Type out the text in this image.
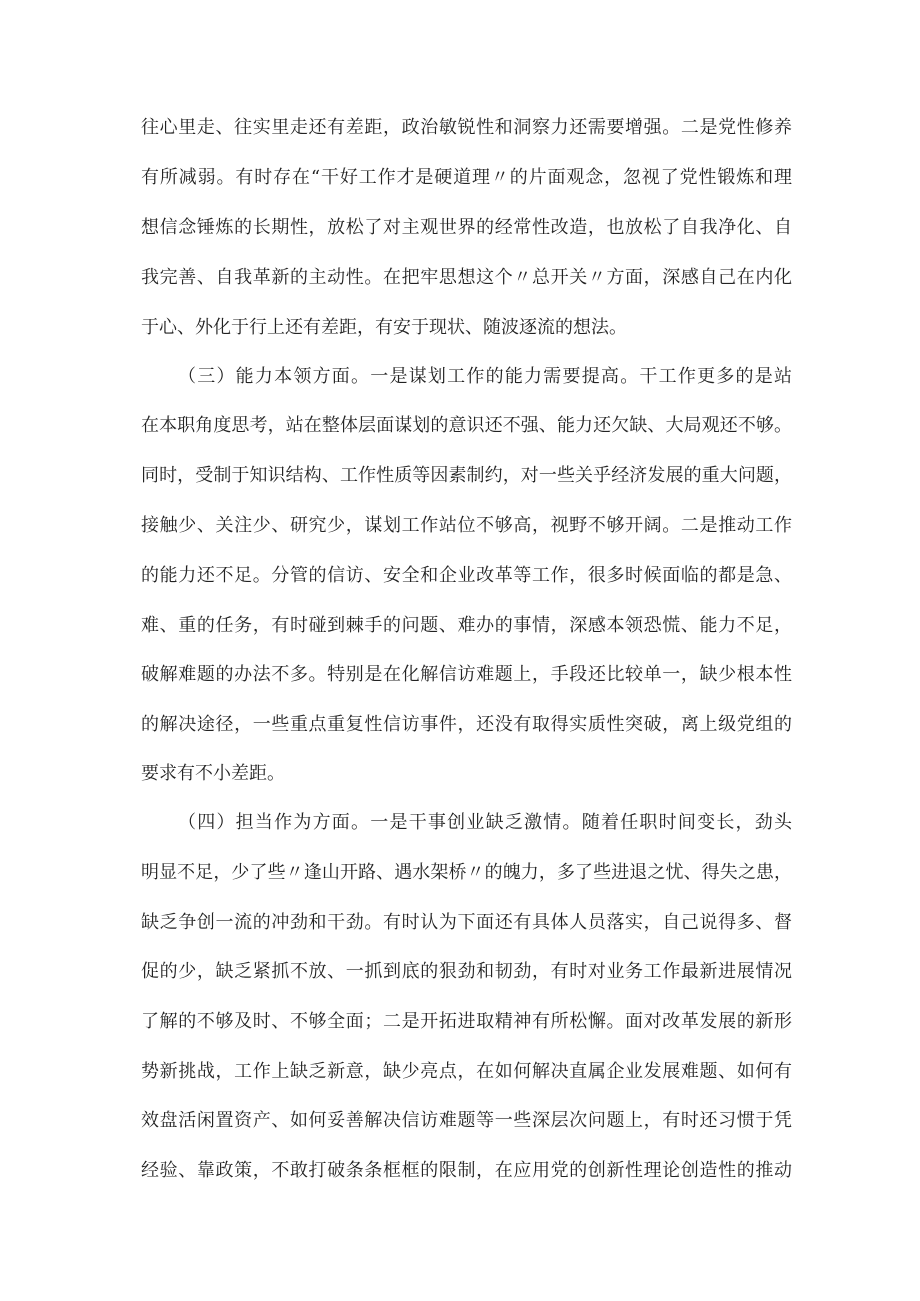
往心里走、往实里走还有差距，政治敏锐性和洞察力还需要增强。二是党性修养
有所减弱。有时存在“干好工作才是硬道理〃的片面观念，忽视了党性锻炼和理
想信念锤炼的长期性，放松了对主观世界的经常性改造，也放松了自我净化、自
我完善、自我革新的主动性。在把牢思想这个〃总开关〃方面，深感自己在内化
于心、外化于行上还有差距，有安于现状、随波逐流的想法。
（三）能力本领方面。一是谋划工作的能力需要提高。干工作更多的是站
在本职角度思考，站在整体层面谋划的意识还不强、能力还欠缺、大局观还不够。
同时，受制于知识结构、工作性质等因素制约，对一些关乎经济发展的重大问题，
接触少、关注少、研究少，谋划工作站位不够高，视野不够开阔。二是推动工作
的能力还不足。分管的信访、安全和企业改革等工作，很多时候面临的都是急、
难、重的任务，有时碰到棘手的问题、难办的事情，深感本领恐慌、能力不足，
破解难题的办法不多。特别是在化解信访难题上，手段还比较单一，缺少根本性
的解决途径，一些重点重复性信访事件，还没有取得实质性突破，离上级党组的
要求有不小差距。
（四）担当作为方面。一是干事创业缺乏激情。随着任职时间变长，劲头
明显不足，少了些〃逢山开路、遇水架桥〃的魄力，多了些进退之忧、得失之患，
缺乏争创一流的冲劲和干劲。有时认为下面还有具体人员落实，自己说得多、督
促的少，缺乏紧抓不放、一抓到底的狠劲和韧劲，有时对业务工作最新进展情况
了解的不够及时、不够全面；二是开拓进取精神有所松懈。面对改革发展的新形
势新挑战，工作上缺乏新意，缺少亮点，在如何解决直属企业发展难题、如何有
效盘活闲置资产、如何妥善解决信访难题等一些深层次问题上，有时还习惯于凭
经验、靠政策，不敢打破条条框框的限制，在应用党的创新性理论创造性的推动
